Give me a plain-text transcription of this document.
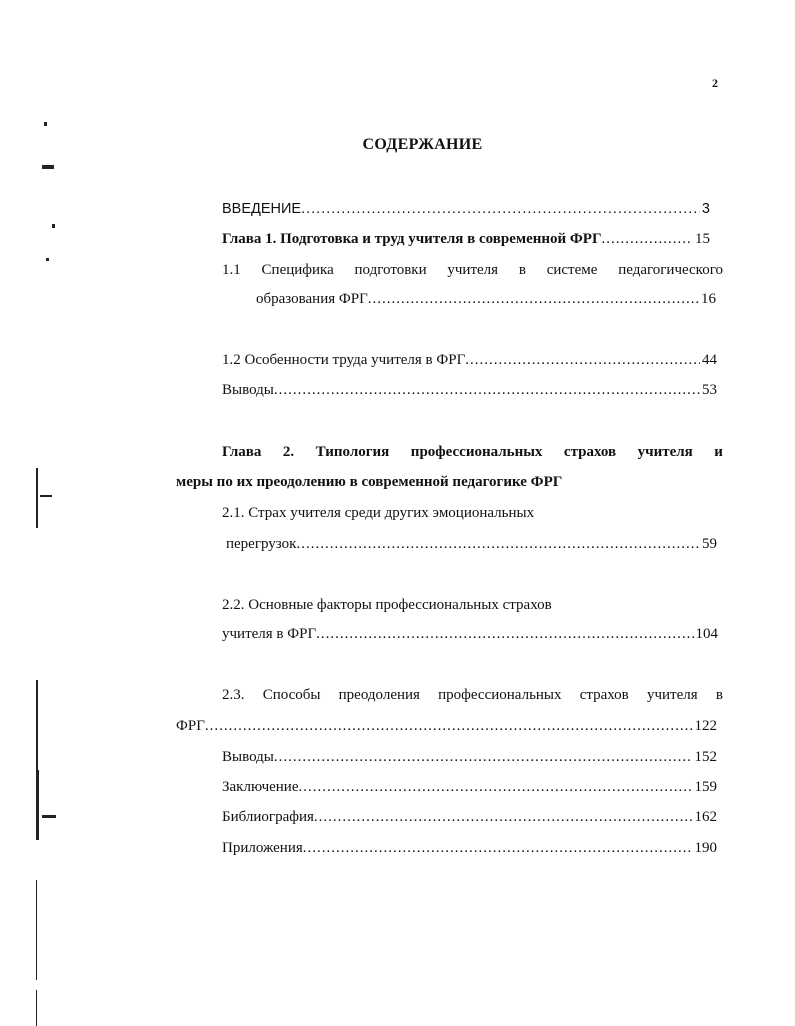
2
СОДЕРЖАНИЕ
ВВЕДЕНИЕ .....	3
Глава 1. Подготовка и труд учителя в современной ФРГ .....	15
1.1 Специфика подготовки учителя в системе педагогического
образования ФРГ .....	16
1.2 Особенности труда учителя в ФРГ .....	44
Выводы .....	53
Глава 2. Типология профессиональных страхов учителя и
меры по их преодолению в современной педагогике ФРГ
2.1. Страх учителя среди других эмоциональных
перегрузок .....	59
2.2. Основные факторы профессиональных страхов
учителя в ФРГ .....	104
2.3. Способы преодоления профессиональных страхов учителя в
ФРГ .....	122
Выводы .....	152
Заключение .....	159
Библиография .....	162
Приложения .....	190
